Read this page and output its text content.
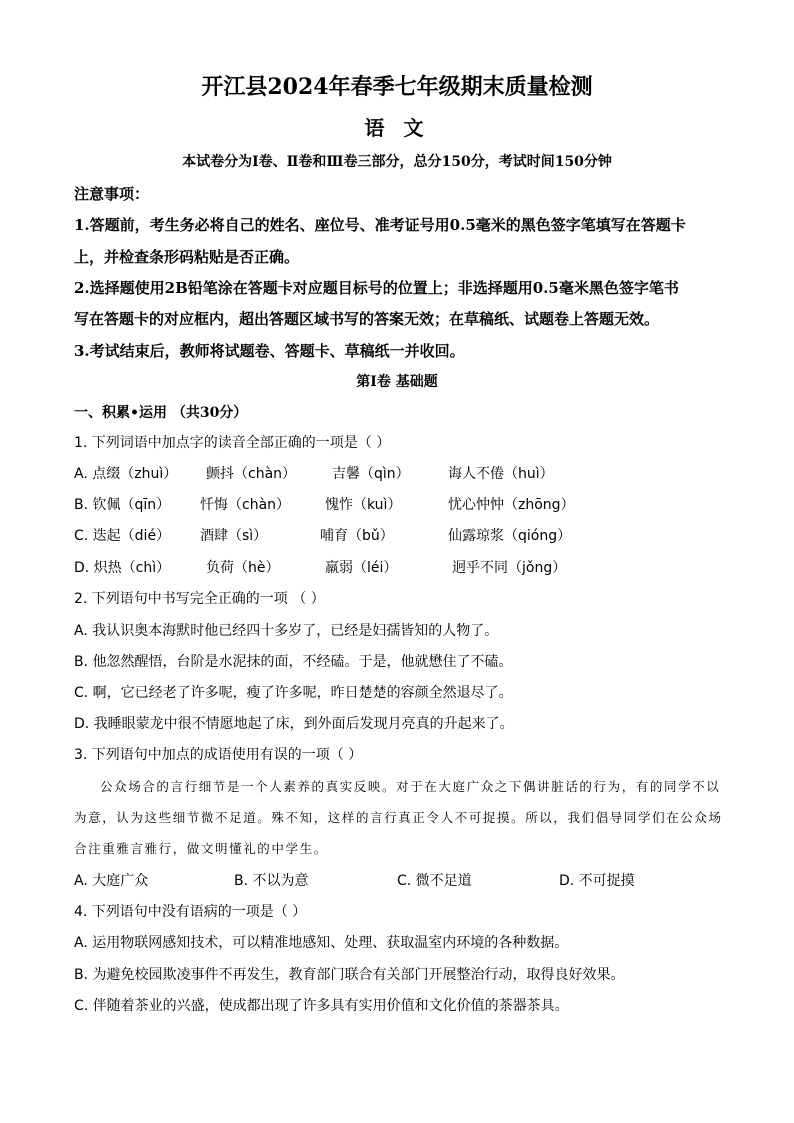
开江县2024年春季七年级期末质量检测
语 文
本试卷分为Ⅰ卷、Ⅱ卷和Ⅲ卷三部分，总分150分，考试时间150分钟
注意事项：
1.答题前，考生务必将自己的姓名、座位号、准考证号用0.5毫米的黑色签字笔填写在答题卡
上，并检查条形码粘贴是否正确。
2.选择题使用2B铅笔涂在答题卡对应题目标号的位置上；非选择题用0.5毫米黑色签字笔书
写在答题卡的对应框内，超出答题区域书写的答案无效；在草稿纸、试题卷上答题无效。
3.考试结束后，教师将试题卷、答题卡、草稿纸一并收回。
第Ⅰ卷 基础题
一、积累•运用 （共30分）
1. 下列词语中加点字的读音全部正确的一项是（ ）
A. 点缀（zhuì） 颤抖（chàn）	吉馨（qìn）	诲人不倦（huì）
B. 钦佩（qīn） 忏悔（chàn） 愧怍（kuì）	忧心忡忡（zhōng）
C. 迭起（dié） 酒肆（sì）	哺育（bǔ）	仙露琼浆（qióng）
D. 炽热（chì）	负荷（hè）	羸弱（léi）	迥乎不同（jǒng）
2. 下列语句中书写完全正确的一项 （ ）
A. 我认识奥本海默时他已经四十多岁了，已经是妇孺皆知的人物了。
B. 他忽然醒悟，台阶是水泥抹的面，不经磕。于是，他就懋住了不磕。
C. 啊，它已经老了许多呢，瘦了许多呢，昨日楚楚的容颜全然退尽了。
D. 我睡眼蒙龙中很不情愿地起了床，到外面后发现月亮真的升起来了。
3. 下列语句中加点的成语使用有误的一项（ ）
公众场合的言行细节是一个人素养的真实反映。对于在大庭广众之下偶讲脏话的行为，有的同学不以
为意，认为这些细节微不足道。殊不知，这样的言行真正令人不可捉摸。所以，我们倡导同学们在公众场
合注重雅言雅行，做文明懂礼的中学生。
A. 大庭广众	B. 不以为意	C. 微不足道	D. 不可捉摸
4. 下列语句中没有语病的一项是（ ）
A. 运用物联网感知技术，可以精准地感知、处理、获取温室内环境的各种数据。
B. 为避免校园欺凌事件不再发生，教育部门联合有关部门开展整治行动，取得良好效果。
C. 伴随着茶业的兴盛，使成都出现了许多具有实用价值和文化价值的茶器茶具。
